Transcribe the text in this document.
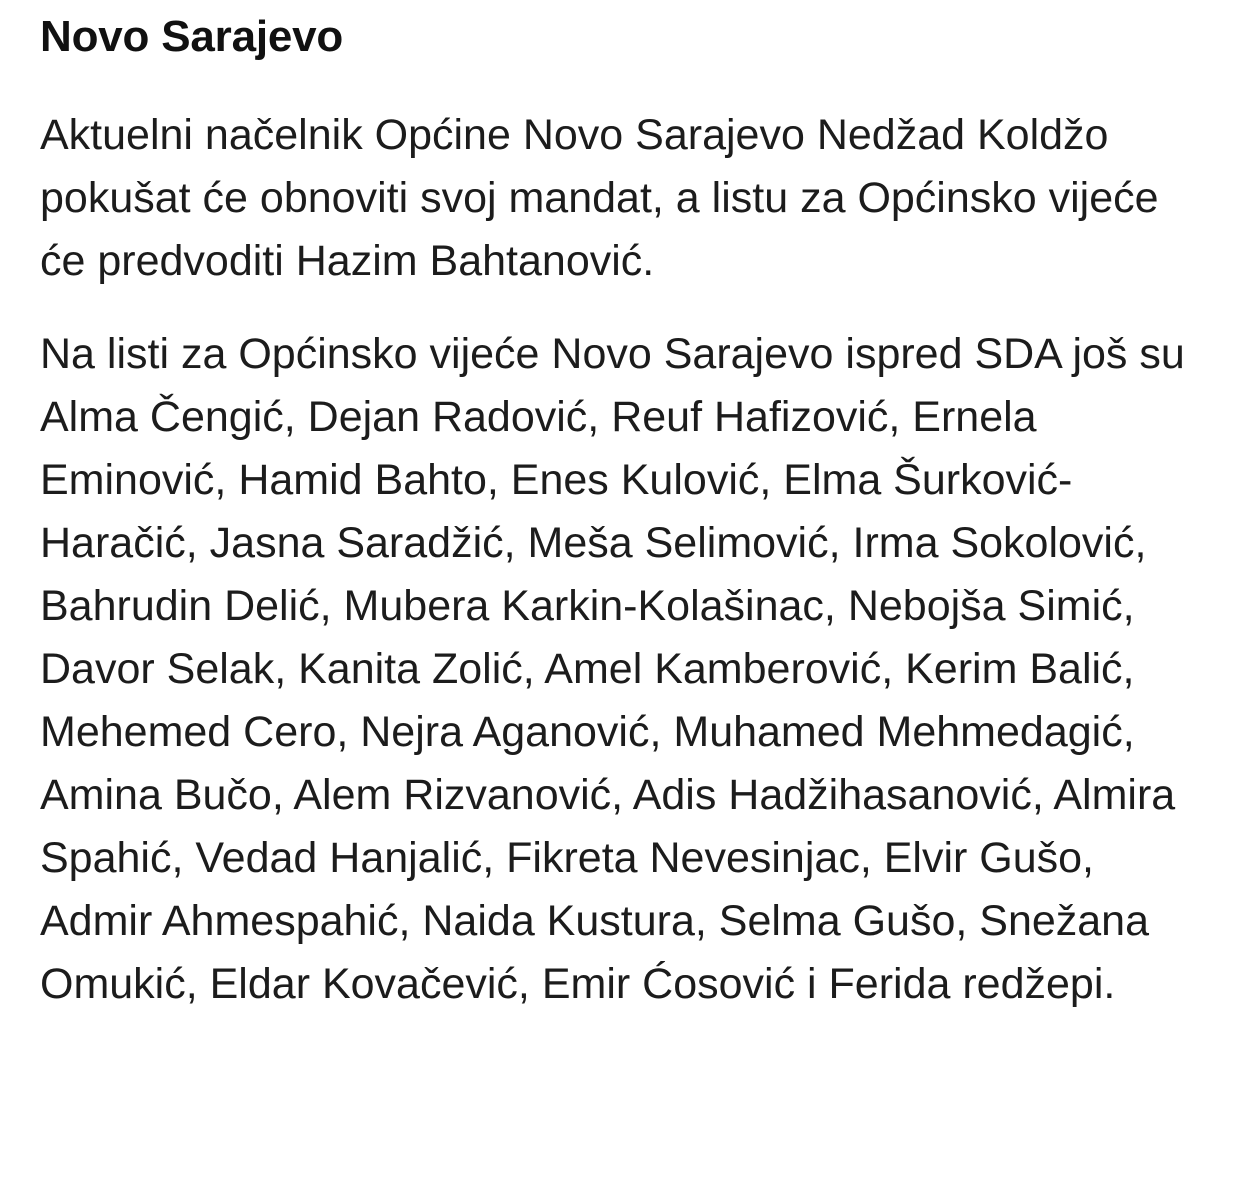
Novo Sarajevo

Aktuelni načelnik Općine Novo Sarajevo Nedžad Koldžo pokušat će obnoviti svoj mandat, a listu za Općinsko vijeće će predvoditi Hazim Bahtanović.

Na listi za Općinsko vijeće Novo Sarajevo ispred SDA još su Alma Čengić, Dejan Radović, Reuf Hafizović, Ernela Eminović, Hamid Bahto, Enes Kulović, Elma Šurković-Haračić, Jasna Saradžić, Meša Selimović, Irma Sokolović, Bahrudin Delić, Mubera Karkin-Kolašinac, Nebojša Simić, Davor Selak, Kanita Zolić, Amel Kamberović, Kerim Balić, Mehemed Cero, Nejra Aganović, Muhamed Mehmedagić, Amina Bučo, Alem Rizvanović, Adis Hadžihasanović, Almira Spahić, Vedad Hanjalić, Fikreta Nevesinjac, Elvir Gušo, Admir Ahmespahić, Naida Kustura, Selma Gušo, Snežana Omukić, Eldar Kovačević, Emir Ćosović i Ferida redžepi.
